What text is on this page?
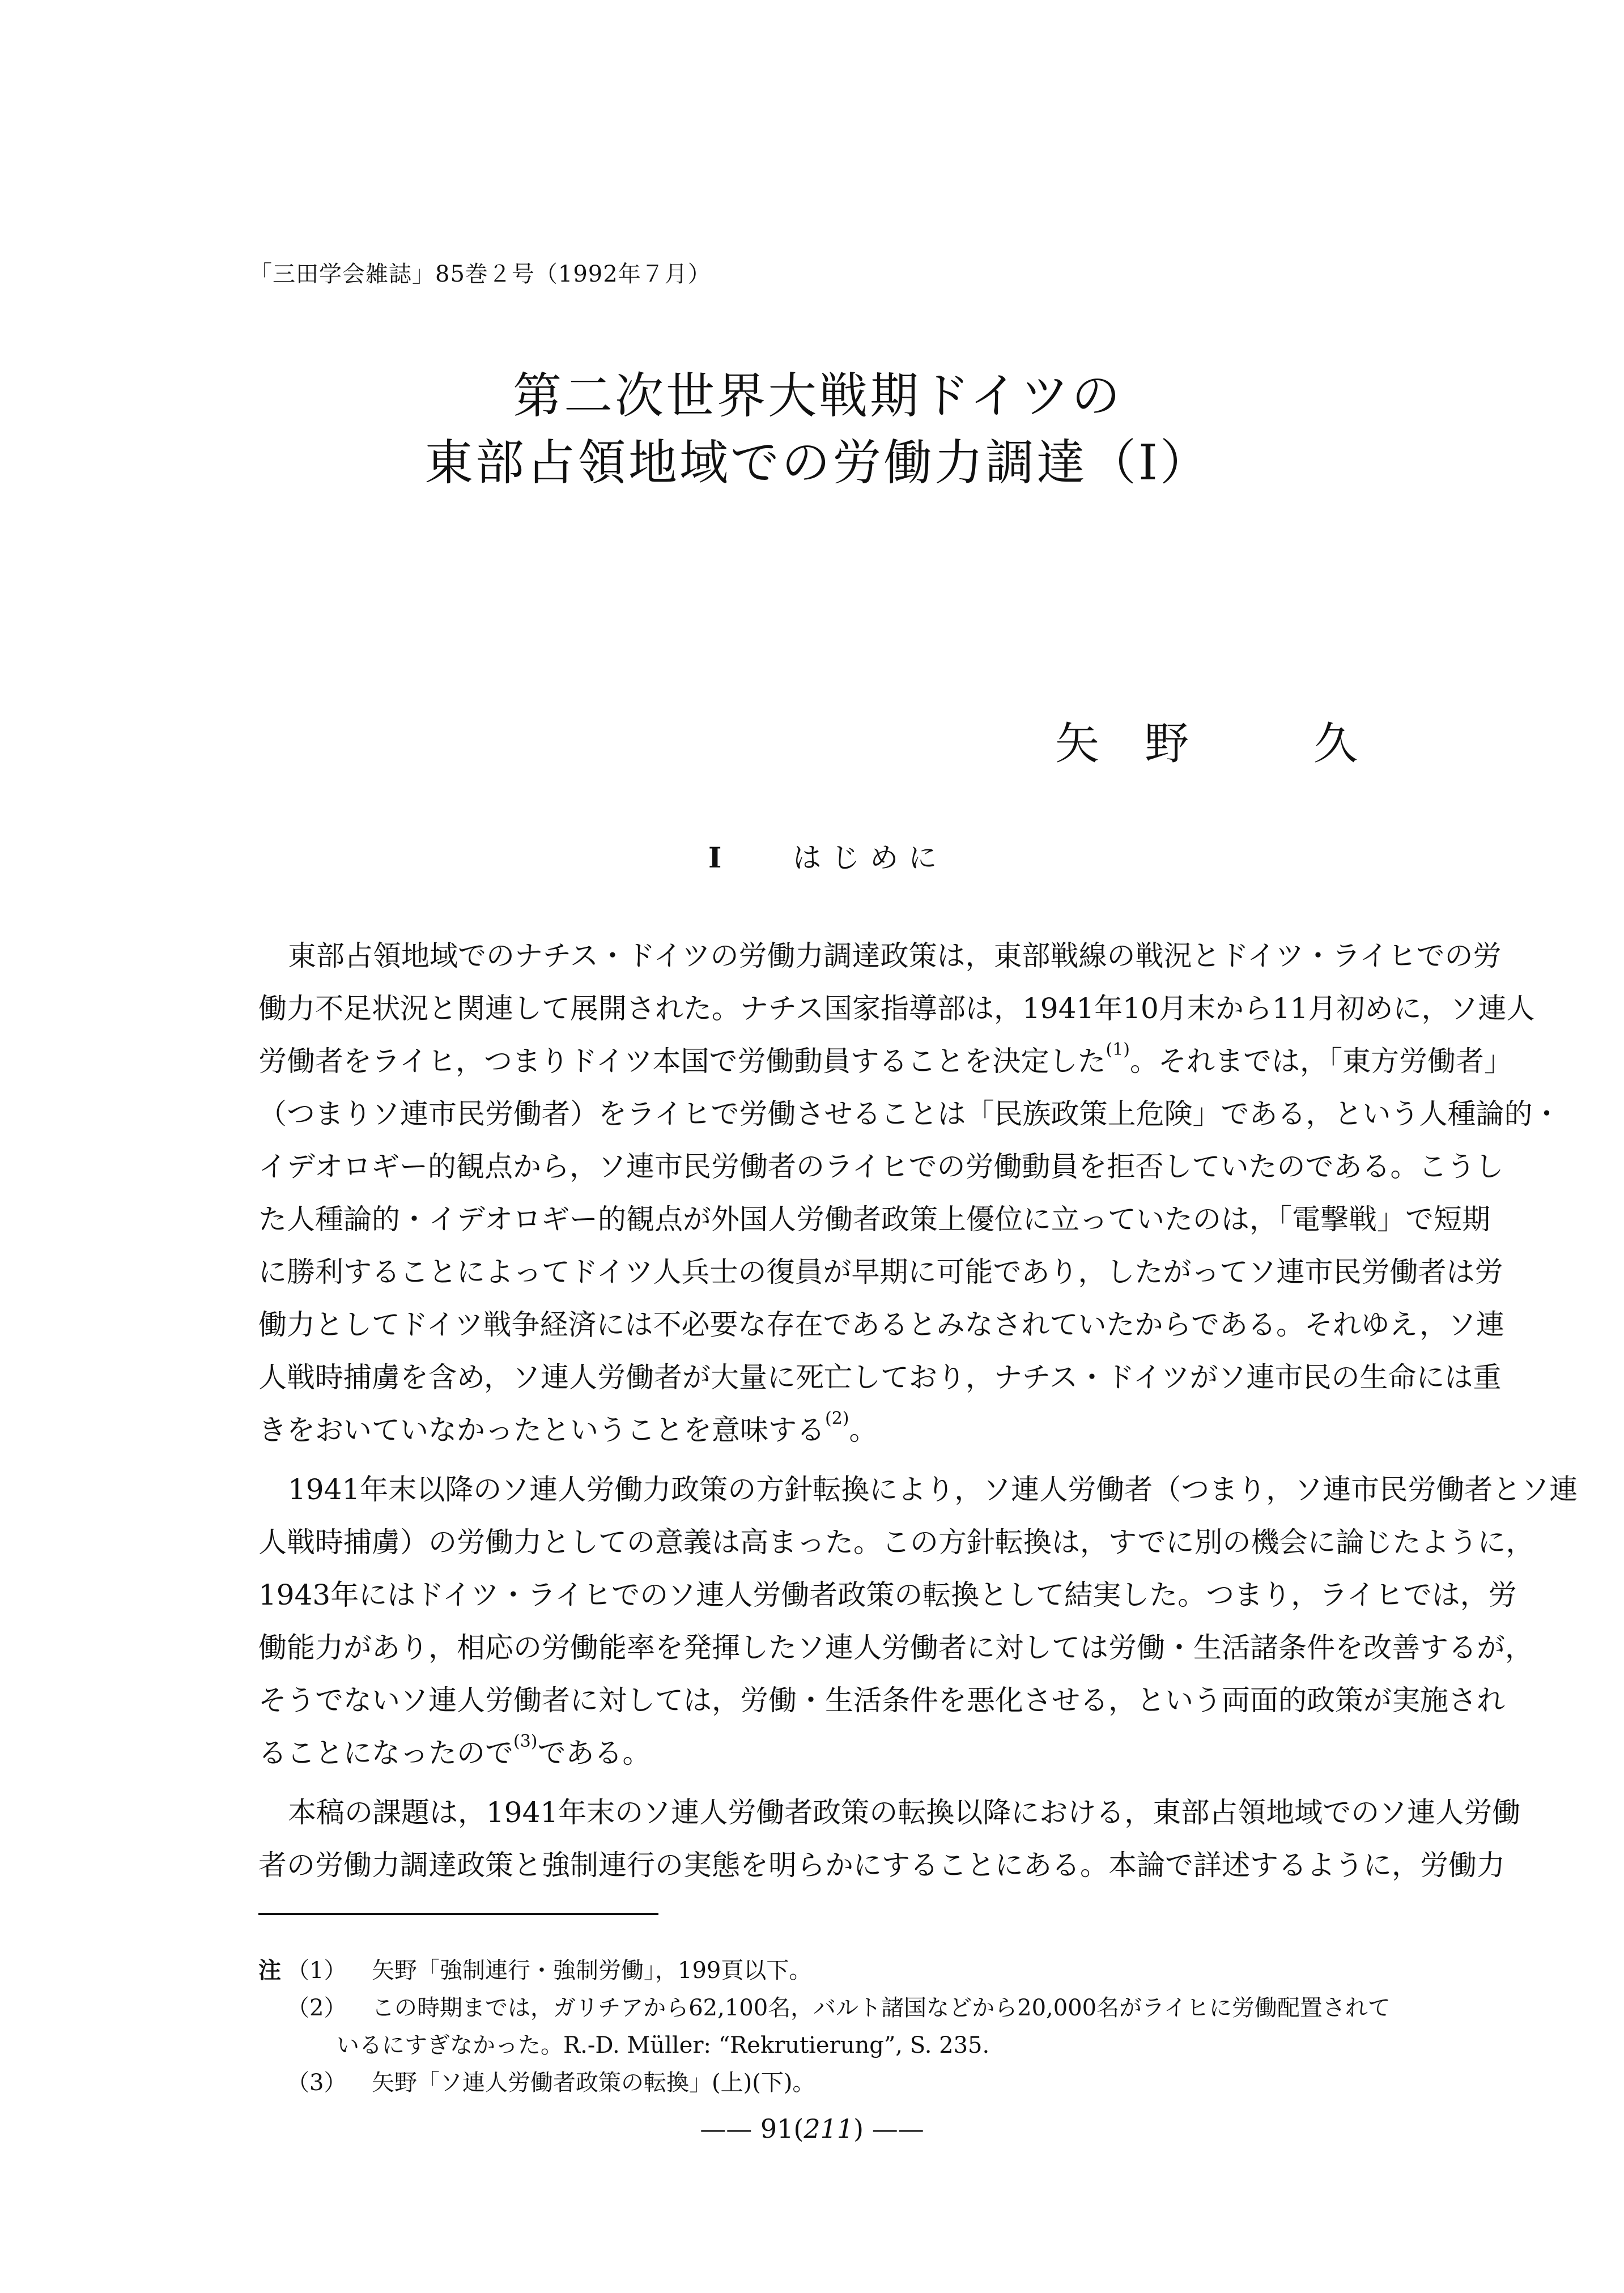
「三田学会雑誌」85巻２号（1992年７月）
第二次世界大戦期ドイツの
東部占領地域での労働力調達（I）
矢 野	久
I はじめに
東部占領地域でのナチス・ドイツの労働力調達政策は，東部戦線の戦況とドイツ・ライヒでの労
働力不足状況と関連して展開された。ナチス国家指導部は，1941年10月末から11月初めに，ソ連人
労働者をライヒ，つまりドイツ本国で労働動員することを決定した(1)。それまでは，「東方労働者」
（つまりソ連市民労働者）をライヒで労働させることは「民族政策上危険」である，という人種論的・
イデオロギー的観点から，ソ連市民労働者のライヒでの労働動員を拒否していたのである。こうし
た人種論的・イデオロギー的観点が外国人労働者政策上優位に立っていたのは，「電撃戦」で短期
に勝利することによってドイツ人兵士の復員が早期に可能であり，したがってソ連市民労働者は労
働力としてドイツ戦争経済には不必要な存在であるとみなされていたからである。それゆえ，ソ連
人戦時捕虜を含め，ソ連人労働者が大量に死亡しており，ナチス・ドイツがソ連市民の生命には重
きをおいていなかったということを意味する(2)。
1941年末以降のソ連人労働力政策の方針転換により，ソ連人労働者（つまり，ソ連市民労働者とソ連
人戦時捕虜）の労働力としての意義は高まった。この方針転換は，すでに別の機会に論じたように，
1943年にはドイツ・ライヒでのソ連人労働者政策の転換として結実した。つまり，ライヒでは，労
働能力があり，相応の労働能率を発揮したソ連人労働者に対しては労働・生活諸条件を改善するが，
そうでないソ連人労働者に対しては，労働・生活条件を悪化させる，という両面的政策が実施され
ることになったので(3)である。
本稿の課題は，1941年末のソ連人労働者政策の転換以降における，東部占領地域でのソ連人労働
者の労働力調達政策と強制連行の実態を明らかにすることにある。本論で詳述するように，労働力
注 （1） 矢野「強制連行・強制労働」，199頁以下。
（2） この時期までは，ガリチアから62,100名，バルト諸国などから20,000名がライヒに労働配置されて
いるにすぎなかった。R.-D. Müller: “Rekrutierung”, S. 235.
（3） 矢野「ソ連人労働者政策の転換」(上)(下)。
—— 91(211) ——
